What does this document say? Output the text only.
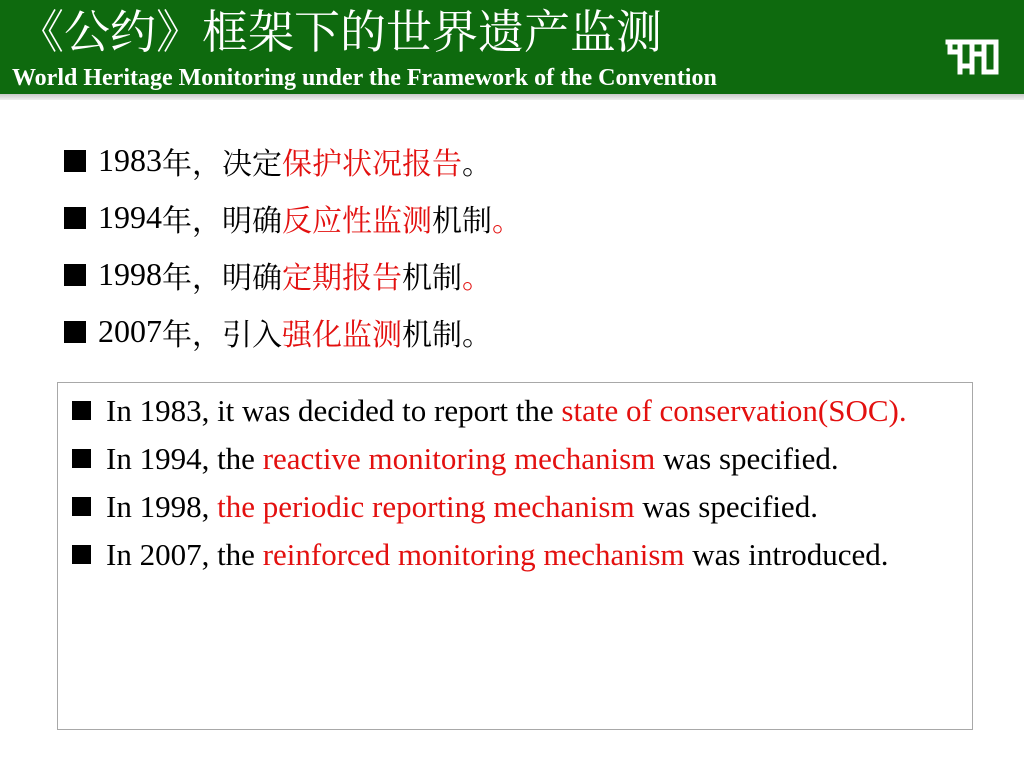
《公约》框架下的世界遗产监测
World Heritage Monitoring under the Framework of the Convention
1983 年，决定 保护状况报告 。
1994 年，明确 反应性监测 机制 。
1998 年，明确 定期报告 机制 。
2007 年，引入 强化监测 机制 。
In 1983, it was decided to report the state of conservation(SOC).
In 1994, the reactive monitoring mechanism was specified.
In 1998, the periodic reporting mechanism was specified.
In 2007, the reinforced monitoring mechanism was introduced.
